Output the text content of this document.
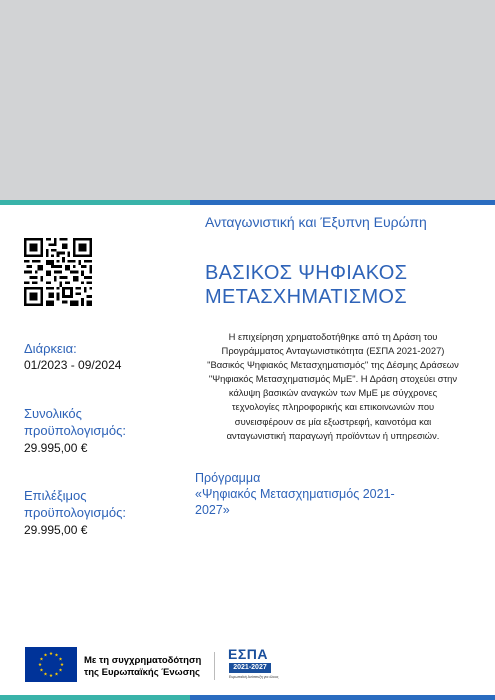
Ανταγωνιστική και Έξυπνη Ευρώπη
ΒΑΣΙΚΟΣ ΨΗΦΙΑΚΟΣ
ΜΕΤΑΣΧΗΜΑΤΙΣΜΟΣ
Διάρκεια:
01/2023 - 09/2024
Συνολικός
προϋπολογισμός:
29.995,00 €
Επιλέξιμος
προϋπολογισμός:
29.995,00 €
Η επιχείρηση χρηματοδοτήθηκε από τη Δράση του Προγράμματος Ανταγωνιστικότητα (ΕΣΠΑ 2021-2027) "Βασικός Ψηφιακός Μετασχηματισμός" της Δέσμης Δράσεων "Ψηφιακός Μετασχηματισμός ΜμΕ". Η Δράση στοχεύει στην κάλυψη βασικών αναγκών των ΜμΕ με σύγχρονες τεχνολογίες πληροφορικής και επικοινωνιών που συνεισφέρουν σε μία εξωστρεφή, καινοτόμα και ανταγωνιστική παραγωγή προϊόντων ή υπηρεσιών.
Πρόγραμμα
«Ψηφιακός Μετασχηματισμός 2021-
2027»
Με τη συγχρηματοδότηση
της Ευρωπαϊκής Ένωσης
ΕΣΠΑ
2021-2027
Ευρωπαϊκή Ανάπτυξη για όλους
